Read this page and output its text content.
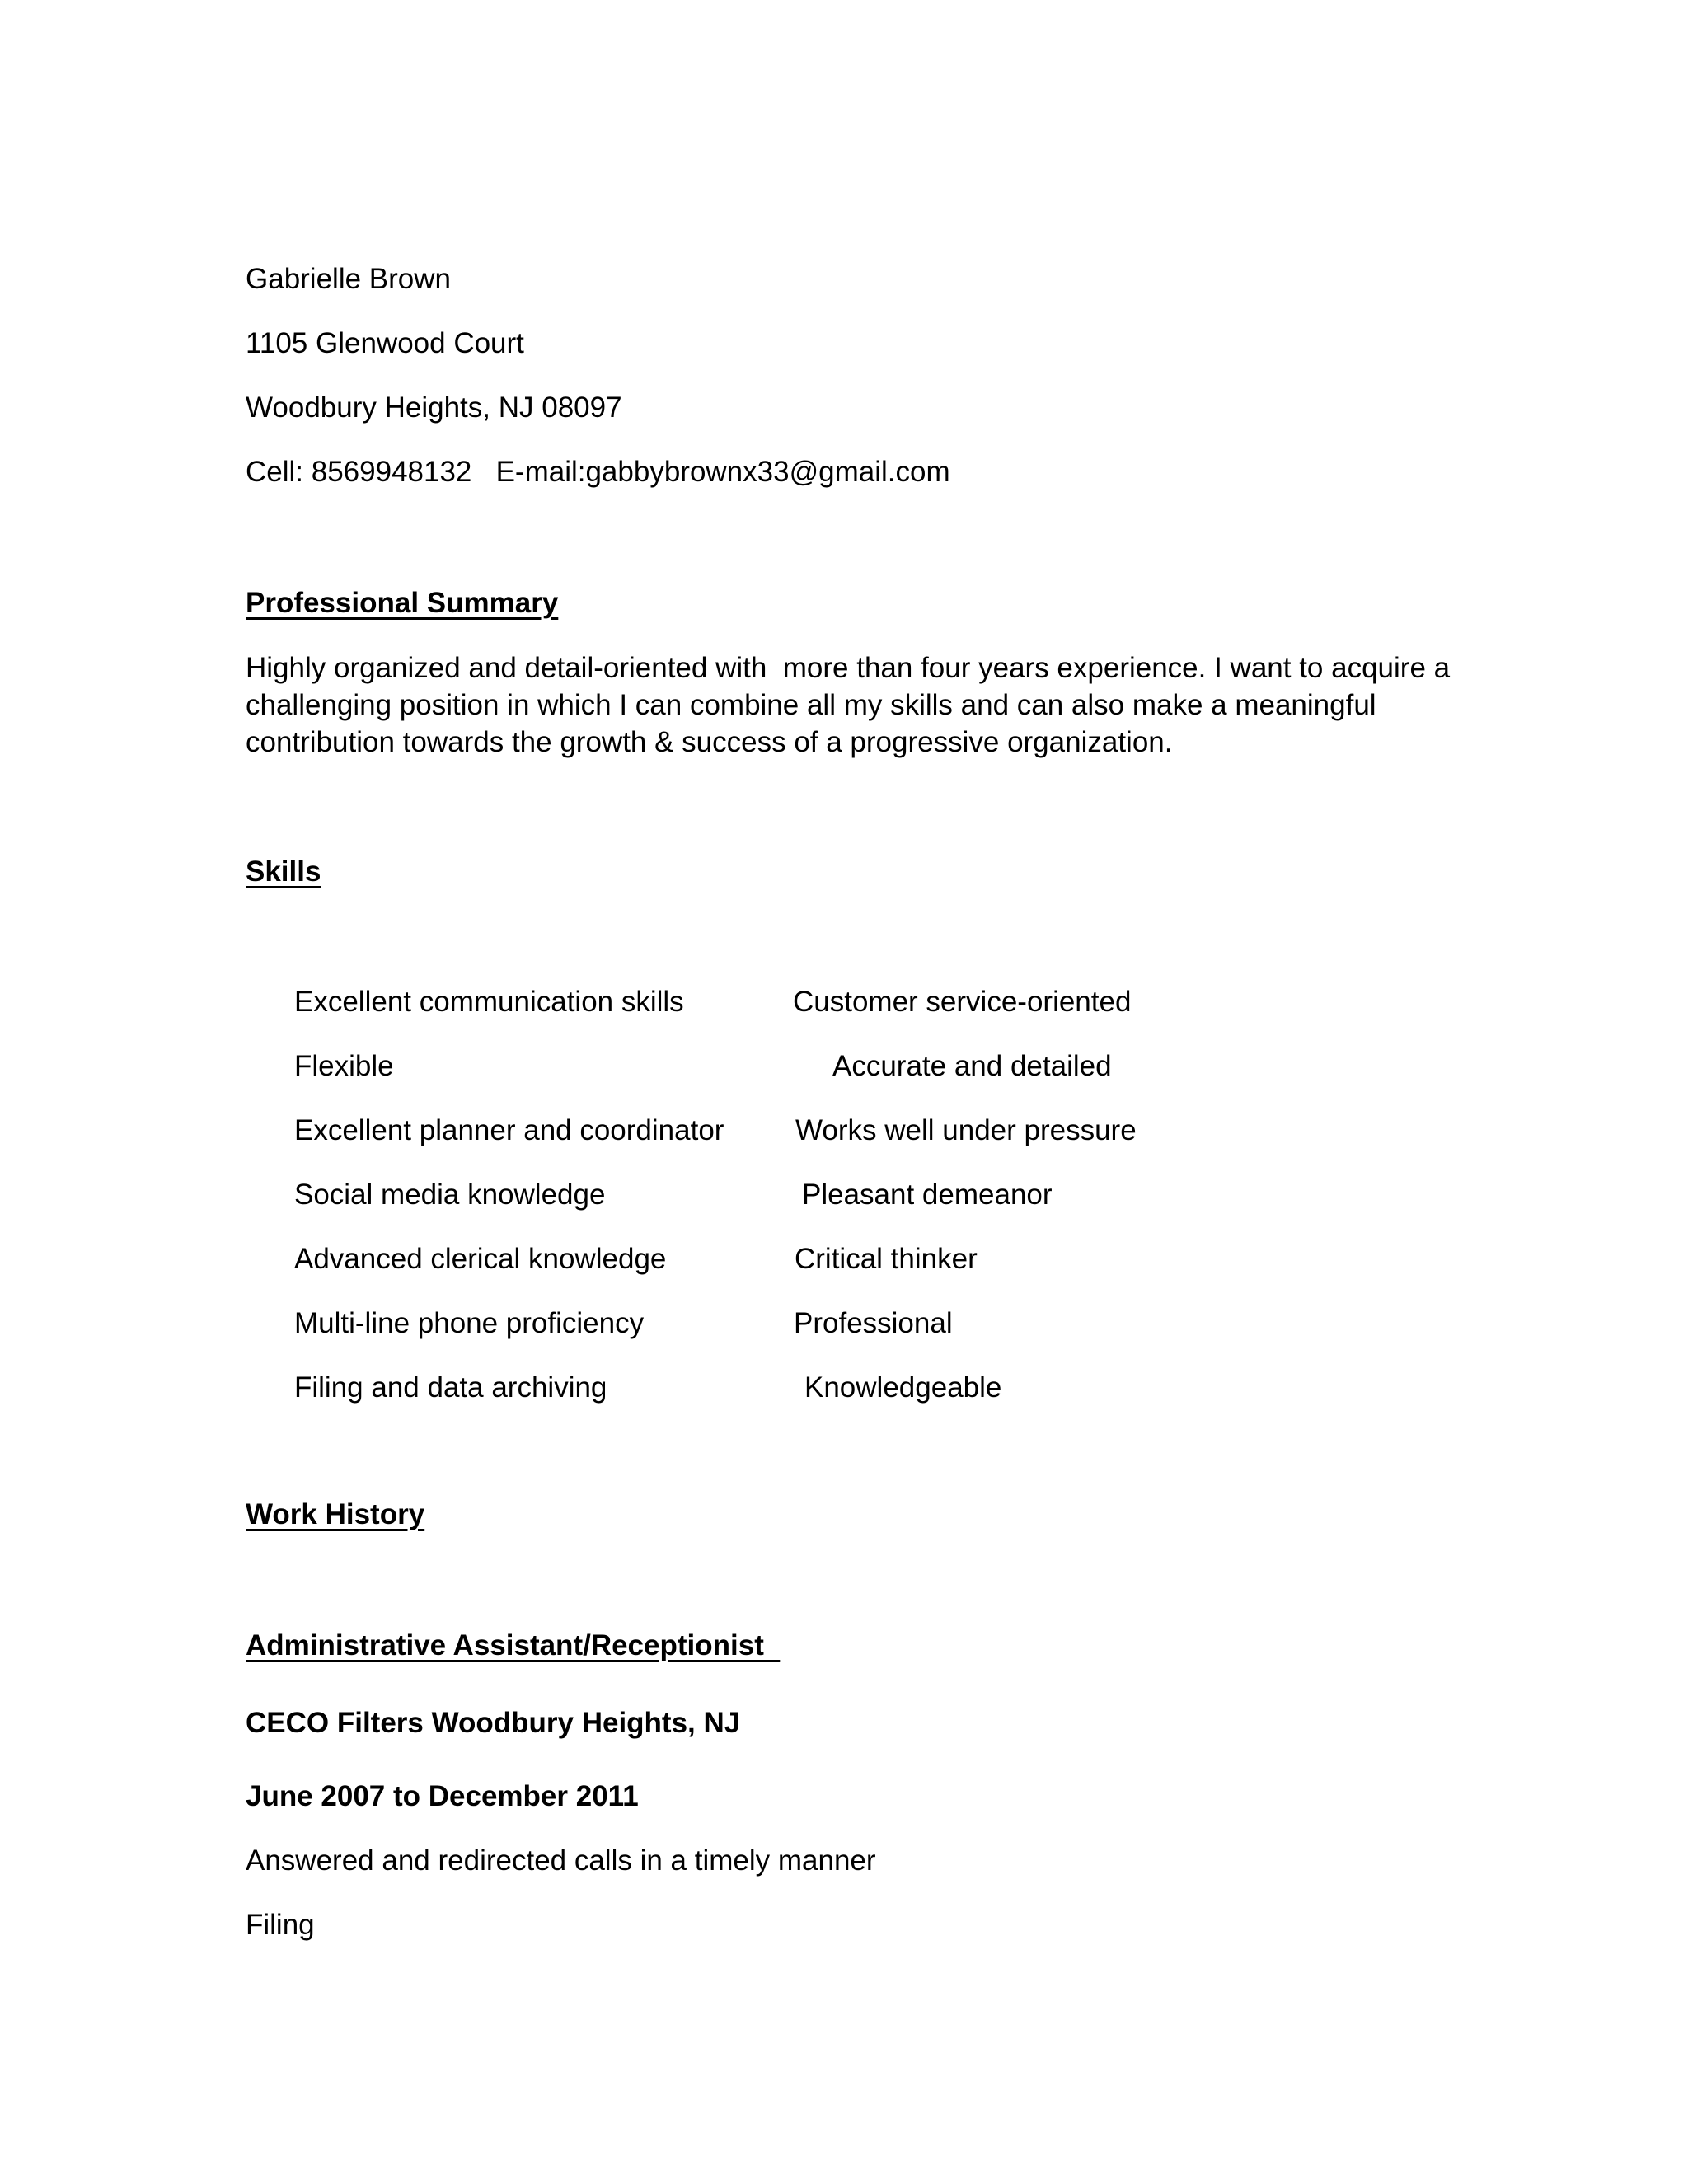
Gabrielle Brown

1105 Glenwood Court

Woodbury Heights, NJ 08097

Cell: 8569948132   E-mail:gabbybrownx33@gmail.com

Professional Summary

Highly organized and detail-oriented with  more than four years experience. I want to acquire a

challenging position in which I can combine all my skills and can also make a meaningful

contribution towards the growth & success of a progressive organization.

Skills

Excellent communication skills

Flexible

Excellent planner and coordinator

Social media knowledge

Advanced clerical knowledge

Multi-line phone proficiency

Filing and data archiving

Customer service-oriented

Accurate and detailed

Works well under pressure

Pleasant demeanor

Critical thinker

Professional

Knowledgeable

Work History

Administrative Assistant/Receptionist

CECO Filters Woodbury Heights, NJ

June 2007 to December 2011

Answered and redirected calls in a timely manner

Filing
